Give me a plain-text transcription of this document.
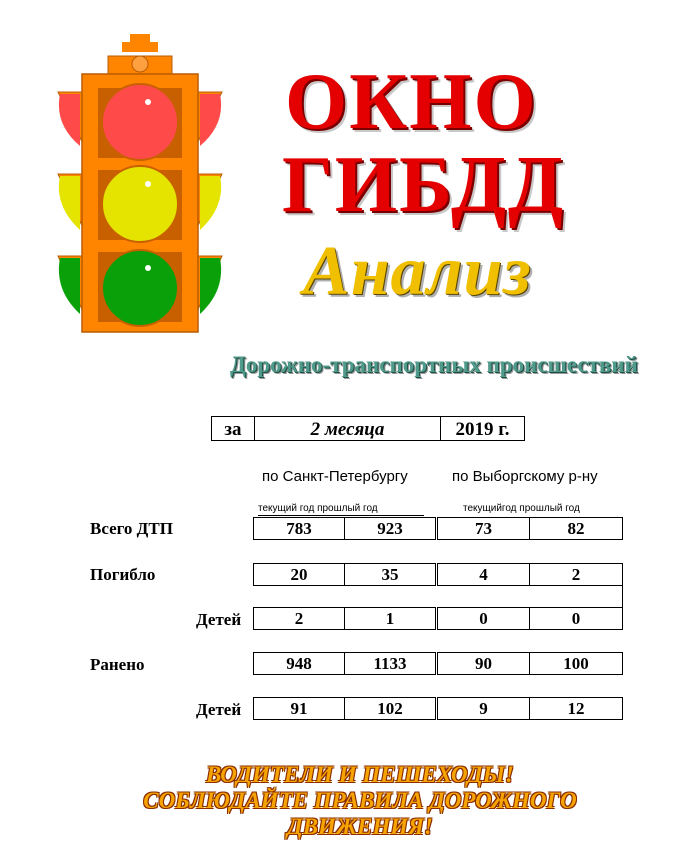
ОКНО
ГИБДД
Анализ
Дорожно-транспортных происшествий
за	2 месяца	2019 г.
по Санкт-Петербургу	по Выборгскому р-ну
текущий год прошлый год	текущийгод прошлый год
Всего ДТП	783	923	73	82
Погибло	20	35	4	2
Детей	2	1	0	0
Ранено	948	1133	90	100
Детей	91	102	9	12
ВОДИТЕЛИ И ПЕШЕХОДЫ!
СОБЛЮДАЙТЕ ПРАВИЛА ДОРОЖНОГО
ДВИЖЕНИЯ!
